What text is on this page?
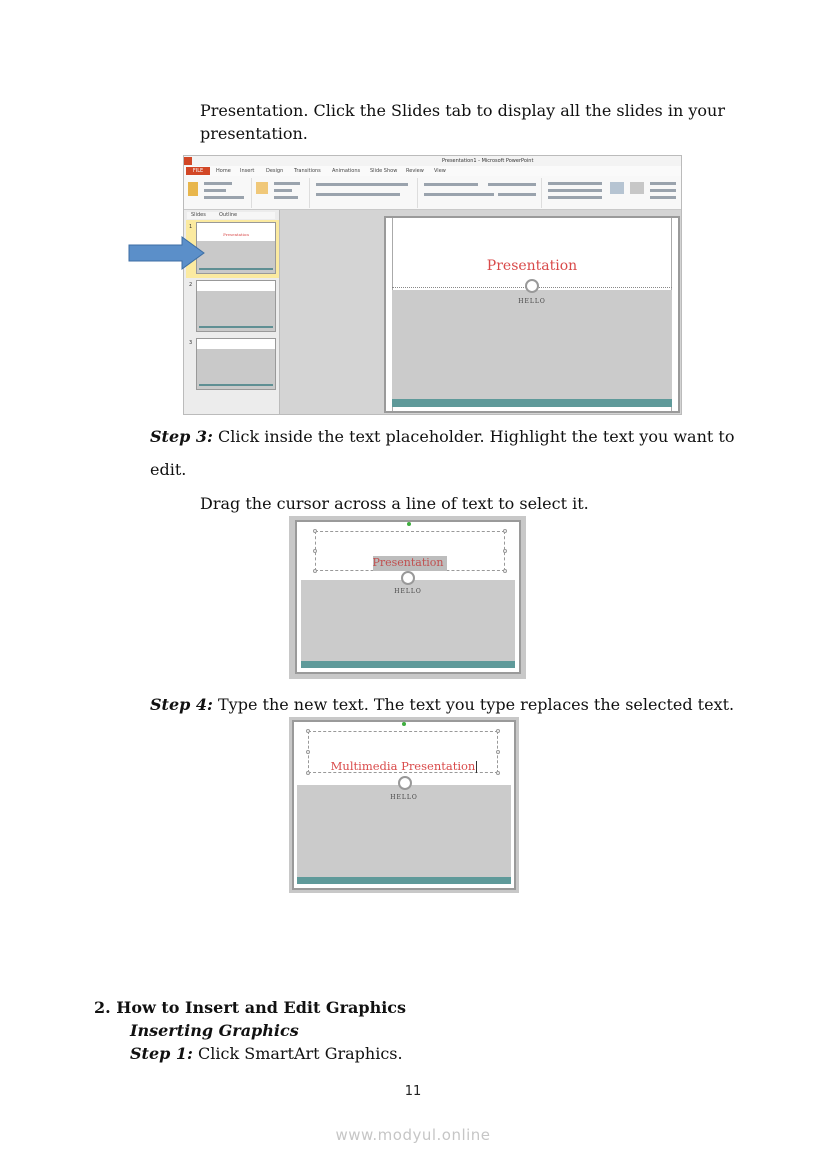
Presentation. Click the Slides tab to display all the slides in your
presentation.
Presentation1 - Microsoft PowerPoint
FILE	Home Insert Design Transitions Animations Slide Show Review View
Slides	Outline
1
Presentation
2
3
Presentation
HELLO
Step 3: Click inside the text placeholder. Highlight the text you want to
edit.
Drag the cursor across a line of text to select it.
Presentation
HELLO
Step 4: Type the new text. The text you type replaces the selected text.
Multimedia Presentation
HELLO
2. How to Insert and Edit Graphics
Inserting Graphics
Step 1: Click SmartArt Graphics.
11
www.modyul.online
